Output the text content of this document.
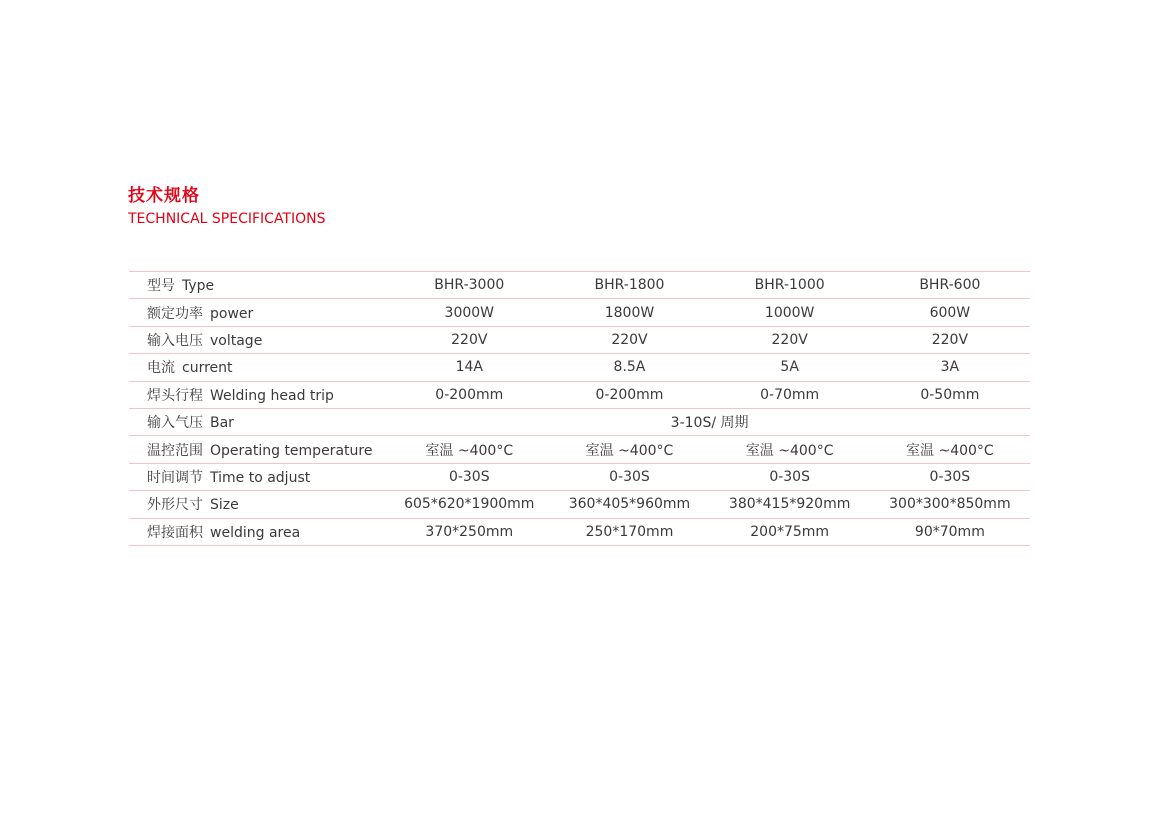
技术规格
TECHNICAL SPECIFICATIONS
型号 Type	BHR-3000	BHR-1800	BHR-1000	BHR-600
额定功率 power	3000W	1800W	1000W	600W
输入电压 voltage	220V	220V	220V	220V
电流 current	14A	8.5A	5A	3A
焊头行程 Welding head trip	0-200mm	0-200mm	0-70mm	0-50mm
输入气压 Bar	3-10S/ 周期			
温控范围 Operating temperature	室温 ~400°C	室温 ~400°C	室温 ~400°C	室温 ~400°C
时间调节 Time to adjust	0-30S	0-30S	0-30S	0-30S
外形尺寸 Size	605*620*1900mm	360*405*960mm	380*415*920mm	300*300*850mm
焊接面积 welding area	370*250mm	250*170mm	200*75mm	90*70mm
